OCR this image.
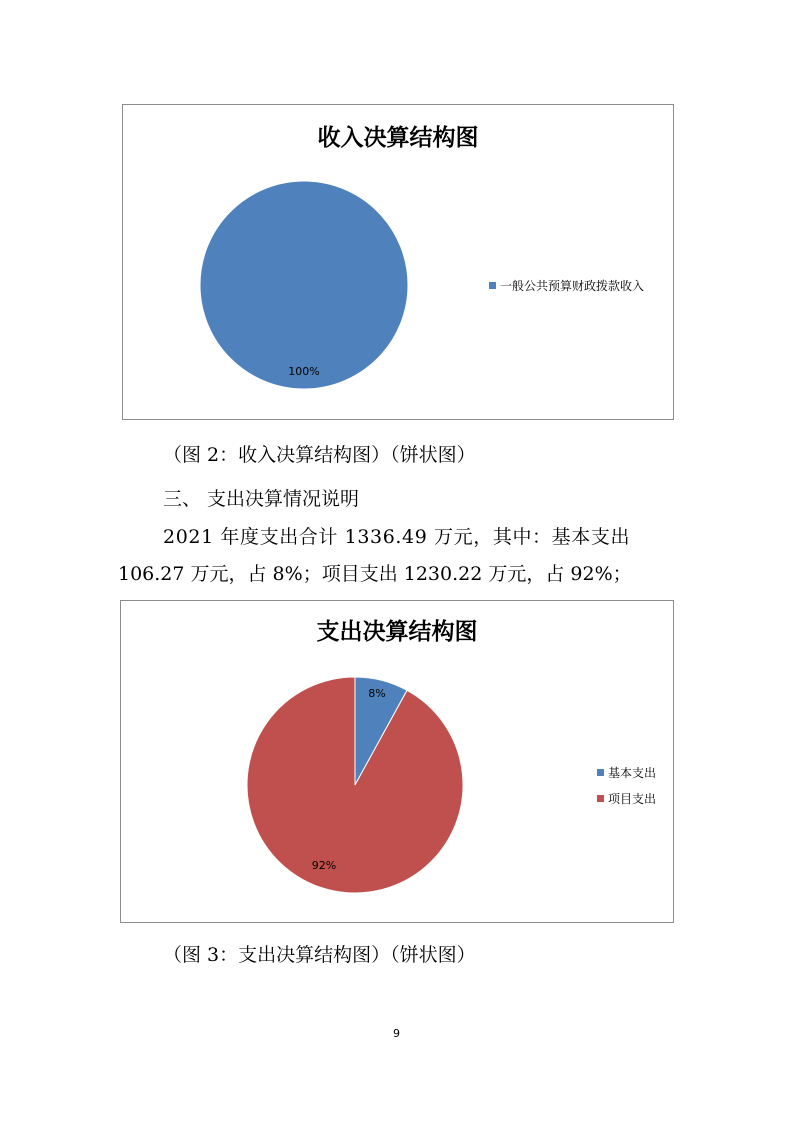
收入决算结构图
100%
一般公共预算财政拨款收入
（图 2：收入决算结构图）（饼状图）
三、 支出决算情况说明
2021 年度支出合计 1336.49 万元，其中：基本支出
106.27 万元，占 8%；项目支出 1230.22 万元，占 92%；
支出决算结构图
8%
92%
基本支出
项目支出
（图 3：支出决算结构图）（饼状图）
9
